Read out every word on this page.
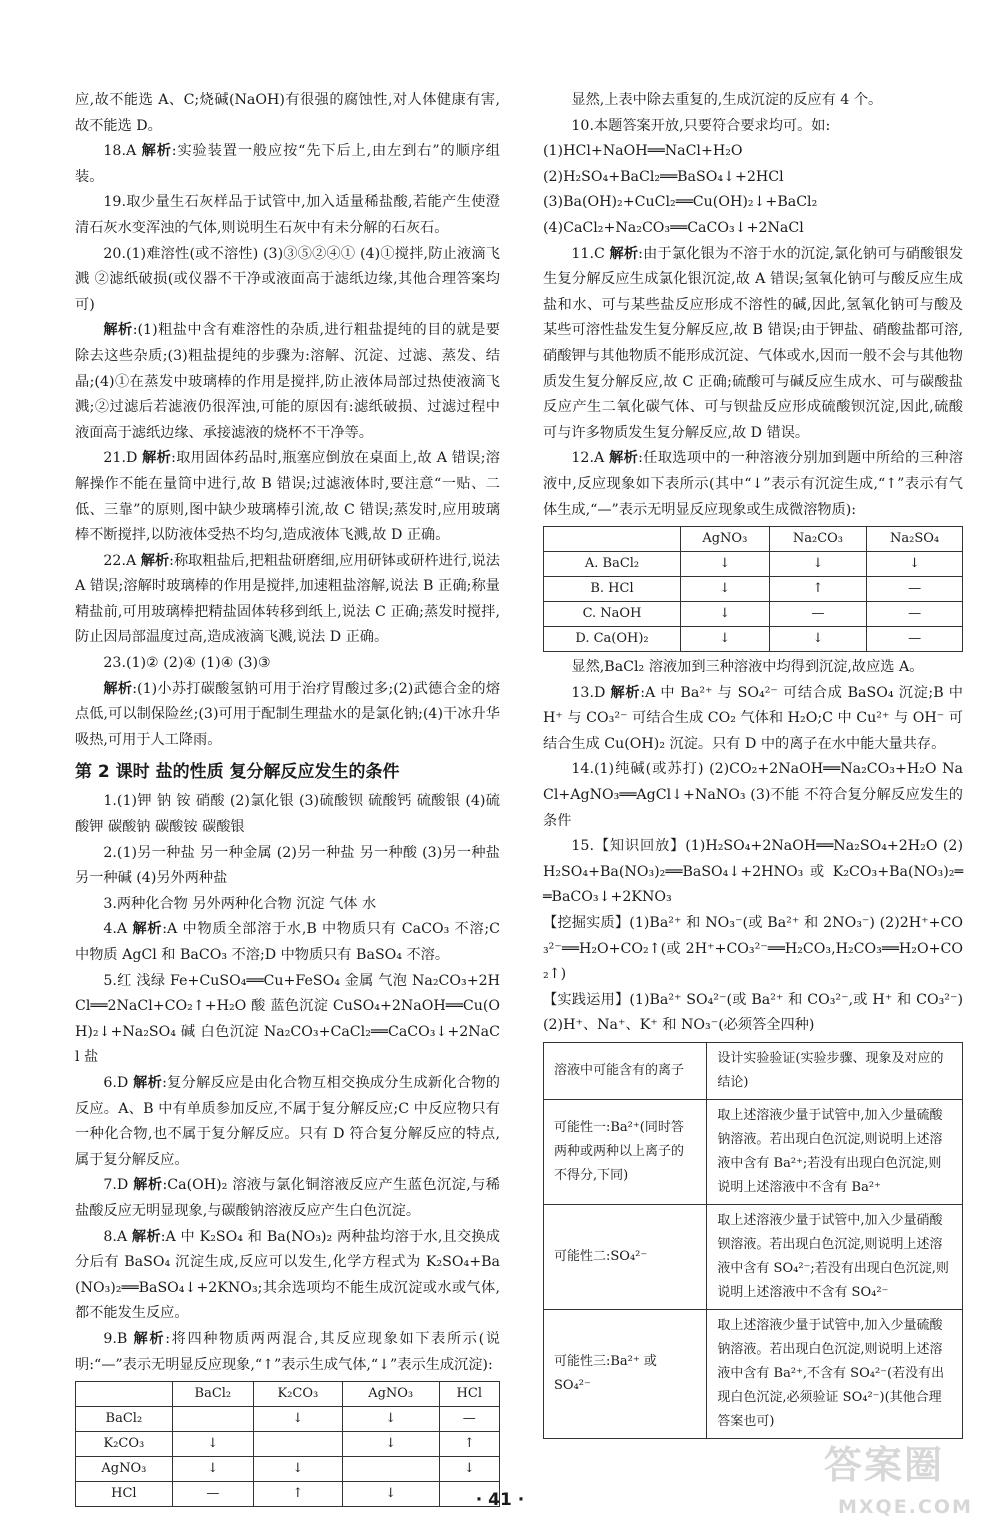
应,故不能选 A、C;烧碱(NaOH)有很强的腐蚀性,对人体健康有害,故不能选 D。

18.A 解析:实验装置一般应按“先下后上,由左到右”的顺序组装。

19.取少量生石灰样品于试管中,加入适量稀盐酸,若能产生使澄清石灰水变浑浊的气体,则说明生石灰中有未分解的石灰石。

20.(1)难溶性(或不溶性) (3)③⑤②④① (4)①搅拌,防止液滴飞溅 ②滤纸破损(或仪器不干净或液面高于滤纸边缘,其他合理答案均可)

解析:(1)粗盐中含有难溶性的杂质,进行粗盐提纯的目的就是要除去这些杂质;(3)粗盐提纯的步骤为:溶解、沉淀、过滤、蒸发、结晶;(4)①在蒸发中玻璃棒的作用是搅拌,防止液体局部过热使液滴飞溅;②过滤后若滤液仍很浑浊,可能的原因有:滤纸破损、过滤过程中液面高于滤纸边缘、承接滤液的烧杯不干净等。

21.D 解析:取用固体药品时,瓶塞应倒放在桌面上,故 A 错误;溶解操作不能在量筒中进行,故 B 错误;过滤液体时,要注意“一贴、二低、三靠”的原则,图中缺少玻璃棒引流,故 C 错误;蒸发时,应用玻璃棒不断搅拌,以防液体受热不均匀,造成液体飞溅,故 D 正确。

22.A 解析:称取粗盐后,把粗盐研磨细,应用研钵或研杵进行,说法 A 错误;溶解时玻璃棒的作用是搅拌,加速粗盐溶解,说法 B 正确;称量精盐前,可用玻璃棒把精盐固体转移到纸上,说法 C 正确;蒸发时搅拌,防止因局部温度过高,造成液滴飞溅,说法 D 正确。

23.(1)② (2)④ (1)④ (3)③

解析:(1)小苏打碳酸氢钠可用于治疗胃酸过多;(2)武德合金的熔点低,可以制保险丝;(3)可用于配制生理盐水的是氯化钠;(4)干冰升华吸热,可用于人工降雨。

第 2 课时 盐的性质 复分解反应发生的条件

1.(1)钾 钠 铵 硝酸 (2)氯化银 (3)硫酸钡 硫酸钙 硫酸银 (4)硫酸钾 碳酸钠 碳酸铵 碳酸银

2.(1)另一种盐 另一种金属 (2)另一种盐 另一种酸 (3)另一种盐 另一种碱 (4)另外两种盐

3.两种化合物 另外两种化合物 沉淀 气体 水

4.A 解析:A 中物质全部溶于水,B 中物质只有 CaCO₃ 不溶;C 中物质 AgCl 和 BaCO₃ 不溶;D 中物质只有 BaSO₄ 不溶。

5.红 浅绿 Fe+CuSO₄══Cu+FeSO₄ 金属 气泡 Na₂CO₃+2HCl══2NaCl+CO₂↑+H₂O 酸 蓝色沉淀 CuSO₄+2NaOH══Cu(OH)₂↓+Na₂SO₄ 碱 白色沉淀 Na₂CO₃+CaCl₂══CaCO₃↓+2NaCl 盐

6.D 解析:复分解反应是由化合物互相交换成分生成新化合物的反应。A、B 中有单质参加反应,不属于复分解反应;C 中反应物只有一种化合物,也不属于复分解反应。只有 D 符合复分解反应的特点,属于复分解反应。

7.D 解析:Ca(OH)₂ 溶液与氯化铜溶液反应产生蓝色沉淀,与稀盐酸反应无明显现象,与碳酸钠溶液反应产生白色沉淀。

8.A 解析:A 中 K₂SO₄ 和 Ba(NO₃)₂ 两种盐均溶于水,且交换成分后有 BaSO₄ 沉淀生成,反应可以发生,化学方程式为 K₂SO₄+Ba(NO₃)₂══BaSO₄↓+2KNO₃;其余选项均不能生成沉淀或水或气体,都不能发生反应。

9.B 解析:将四种物质两两混合,其反应现象如下表所示(说明:“—”表示无明显反应现象,“↑”表示生成气体,“↓”表示生成沉淀):

	BaCl₂	K₂CO₃	AgNO₃	HCl
BaCl₂		↓	↓	—
K₂CO₃	↓		↓	↑
AgNO₃	↓	↓		↓
HCl	—	↑	↓	

显然,上表中除去重复的,生成沉淀的反应有 4 个。

10.本题答案开放,只要符合要求均可。如:

(1)HCl+NaOH══NaCl+H₂O

(2)H₂SO₄+BaCl₂══BaSO₄↓+2HCl

(3)Ba(OH)₂+CuCl₂══Cu(OH)₂↓+BaCl₂

(4)CaCl₂+Na₂CO₃══CaCO₃↓+2NaCl

11.C 解析:由于氯化银为不溶于水的沉淀,氯化钠可与硝酸银发生复分解反应生成氯化银沉淀,故 A 错误;氢氧化钠可与酸反应生成盐和水、可与某些盐反应形成不溶性的碱,因此,氢氧化钠可与酸及某些可溶性盐发生复分解反应,故 B 错误;由于钾盐、硝酸盐都可溶,硝酸钾与其他物质不能形成沉淀、气体或水,因而一般不会与其他物质发生复分解反应,故 C 正确;硫酸可与碱反应生成水、可与碳酸盐反应产生二氧化碳气体、可与钡盐反应形成硫酸钡沉淀,因此,硫酸可与许多物质发生复分解反应,故 D 错误。

12.A 解析:任取选项中的一种溶液分别加到题中所给的三种溶液中,反应现象如下表所示(其中“↓”表示有沉淀生成,“↑”表示有气体生成,“—”表示无明显反应现象或生成微溶物质):

	AgNO₃	Na₂CO₃	Na₂SO₄
A. BaCl₂	↓	↓	↓
B. HCl	↓	↑	—
C. NaOH	↓	—	—
D. Ca(OH)₂	↓	↓	—

显然,BaCl₂ 溶液加到三种溶液中均得到沉淀,故应选 A。

13.D 解析:A 中 Ba²⁺ 与 SO₄²⁻ 可结合成 BaSO₄ 沉淀;B 中 H⁺ 与 CO₃²⁻ 可结合生成 CO₂ 气体和 H₂O;C 中 Cu²⁺ 与 OH⁻ 可结合生成 Cu(OH)₂ 沉淀。只有 D 中的离子在水中能大量共存。

14.(1)纯碱(或苏打) (2)CO₂+2NaOH══Na₂CO₃+H₂O NaCl+AgNO₃══AgCl↓+NaNO₃ (3)不能 不符合复分解反应发生的条件

15.【知识回放】(1)H₂SO₄+2NaOH══Na₂SO₄+2H₂O (2)H₂SO₄+Ba(NO₃)₂══BaSO₄↓+2HNO₃ 或 K₂CO₃+Ba(NO₃)₂══BaCO₃↓+2KNO₃

【挖掘实质】(1)Ba²⁺ 和 NO₃⁻(或 Ba²⁺ 和 2NO₃⁻) (2)2H⁺+CO₃²⁻══H₂O+CO₂↑(或 2H⁺+CO₃²⁻══H₂CO₃,H₂CO₃══H₂O+CO₂↑)

【实践运用】(1)Ba²⁺ SO₄²⁻(或 Ba²⁺ 和 CO₃²⁻,或 H⁺ 和 CO₃²⁻) (2)H⁺、Na⁺、K⁺ 和 NO₃⁻(必须答全四种)

溶液中可能含有的离子	设计实验验证(实验步骤、现象及对应的结论)
可能性一:Ba²⁺(同时答两种或两种以上离子的不得分,下同)	取上述溶液少量于试管中,加入少量硫酸钠溶液。若出现白色沉淀,则说明上述溶液中含有 Ba²⁺;若没有出现白色沉淀,则说明上述溶液中不含有 Ba²⁺
可能性二:SO₄²⁻	取上述溶液少量于试管中,加入少量硝酸钡溶液。若出现白色沉淀,则说明上述溶液中含有 SO₄²⁻;若没有出现白色沉淀,则说明上述溶液中不含有 SO₄²⁻
可能性三:Ba²⁺ 或 SO₄²⁻	取上述溶液少量于试管中,加入少量硫酸钠溶液。若出现白色沉淀,则说明上述溶液中含有 Ba²⁺,不含有 SO₄²⁻(若没有出现白色沉淀,必须验证 SO₄²⁻)(其他合理答案也可)
· 41 ·
答案圈
MXQE.COM
